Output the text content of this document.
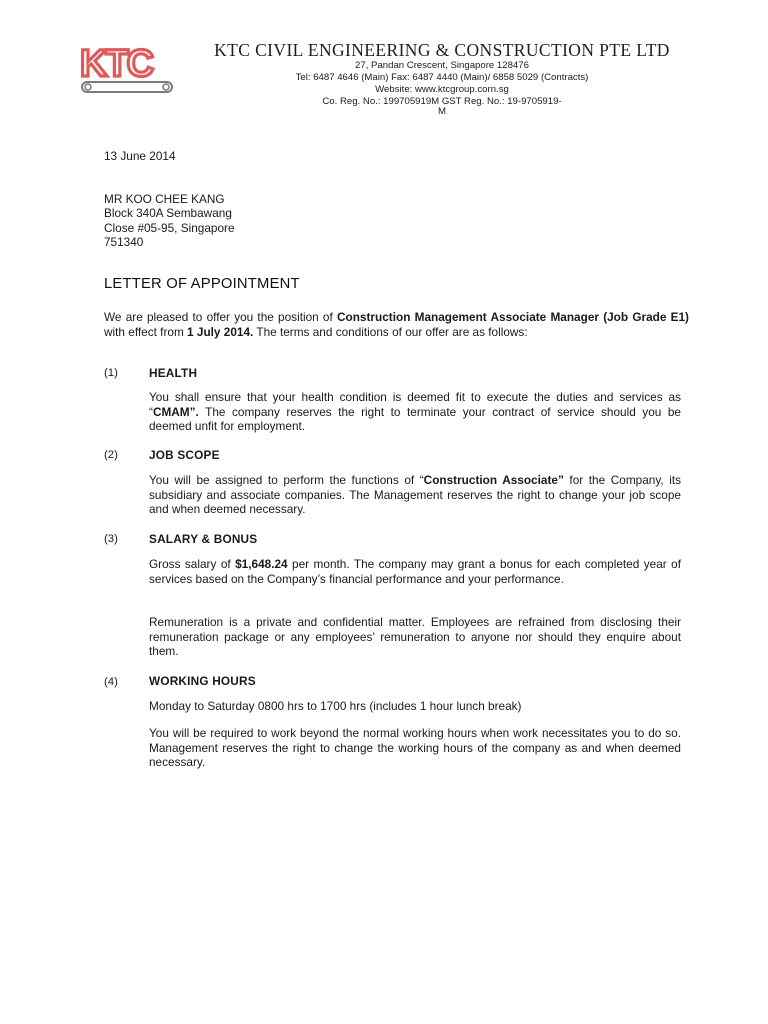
KTC	KTC CIVIL ENGINEERING & CONSTRUCTION PTE LTD
27, Pandan Crescent, Singapore 128476
Tel: 6487 4646 (Main) Fax: 6487 4440 (Main)/ 6858 5029 (Contracts)
Website: www.ktcgroup.corn.sg
Co. Reg. No.: 199705919M GST Reg. No.: 19-9705919-
M
13 June 2014
MR KOO CHEE KANG
Block 340A Sembawang
Close #05-95, Singapore
751340
LETTER OF APPOINTMENT
We are pleased to offer you the position of Construction Management Associate Manager (Job Grade E1) with effect from 1 July 2014. The terms and conditions of our offer are as follows:
(1)	HEALTH
You shall ensure that your health condition is deemed fit to execute the duties and services as “CMAM”. The company reserves the right to terminate your contract of service should you be deemed unfit for employment.
(2)	JOB SCOPE
You will be assigned to perform the functions of “Construction Associate” for the Company, its subsidiary and associate companies. The Management reserves the right to change your job scope and when deemed necessary.
(3)	SALARY & BONUS
Gross salary of $1,648.24 per month. The company may grant a bonus for each completed year of services based on the Company’s financial performance and your performance.
Remuneration is a private and confidential matter. Employees are refrained from disclosing their remuneration package or any employees’ remuneration to anyone nor should they enquire about them.
(4)	WORKING HOURS
Monday to Saturday 0800 hrs to 1700 hrs (includes 1 hour lunch break)
You will be required to work beyond the normal working hours when work necessitates you to do so. Management reserves the right to change the working hours of the company as and when deemed necessary.
